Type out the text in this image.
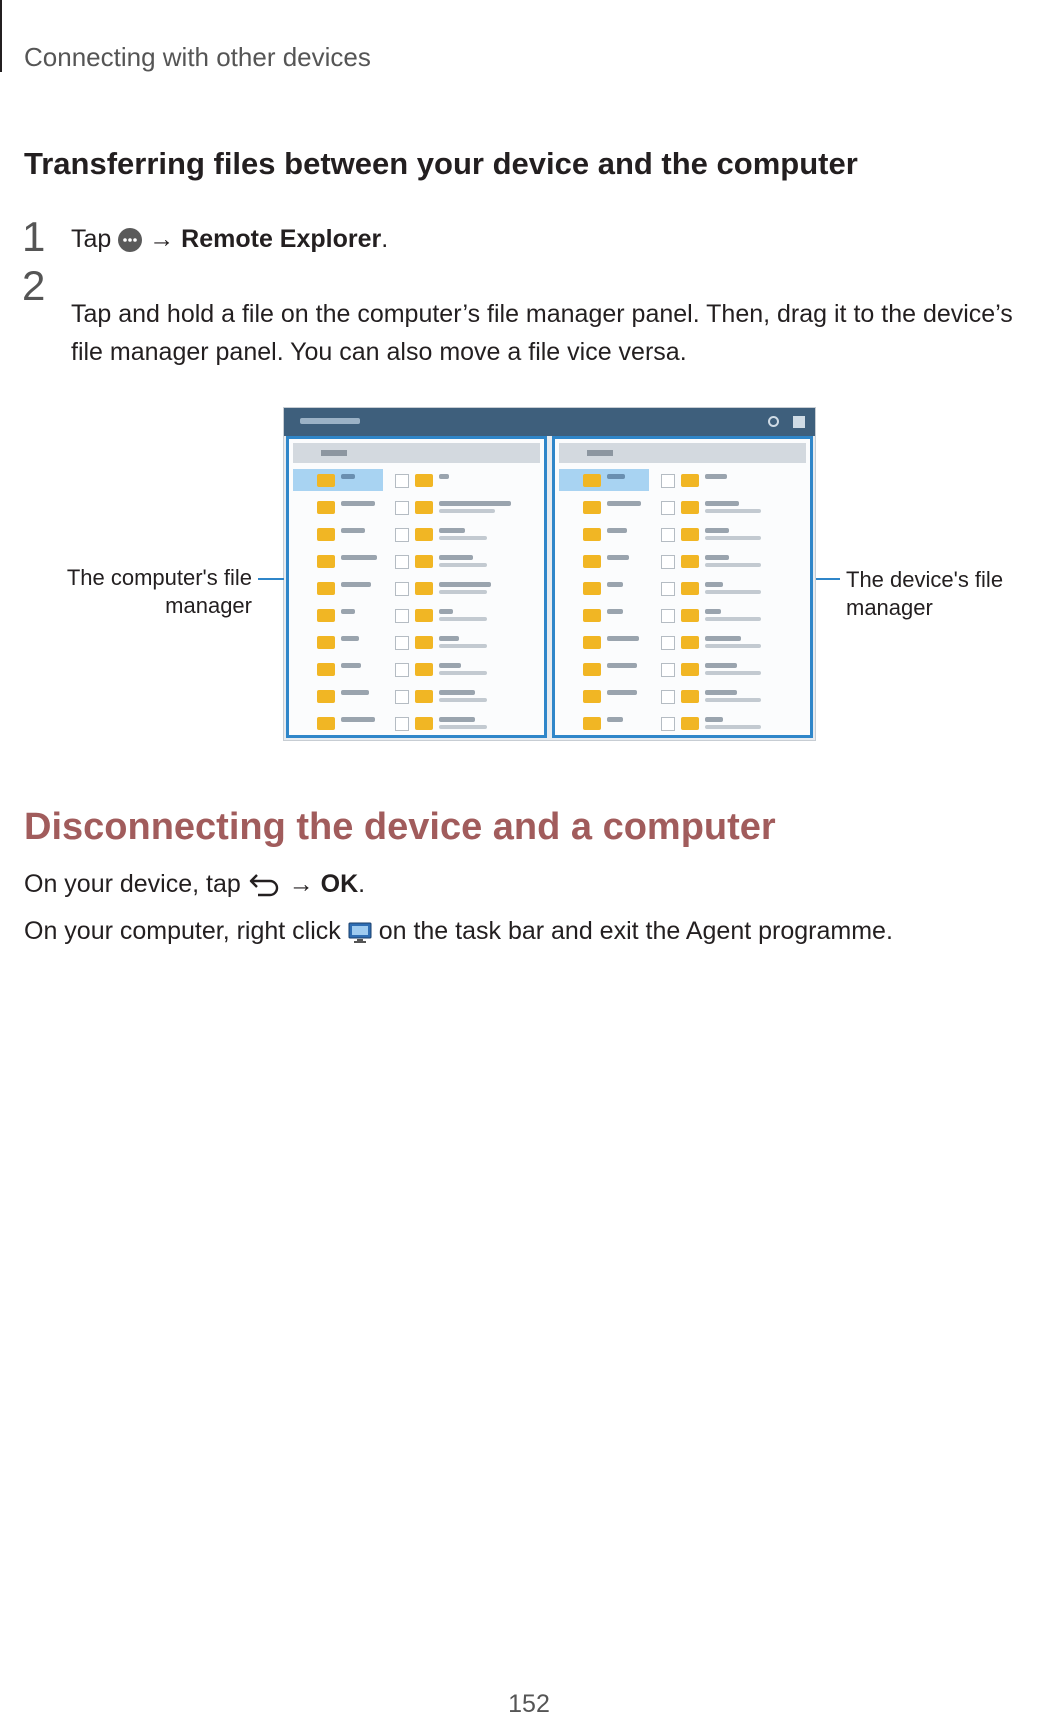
Connecting with other devices
Transferring files between your device and the computer
1 Tap → Remote Explorer.
2
Tap and hold a file on the computer’s file manager panel. Then, drag it to the device’s file manager panel. You can also move a file vice versa.
The computer's file manager
The device's file manager
Disconnecting the device and a computer
On your device, tap → OK.
On your computer, right click on the task bar and exit the Agent programme.
152
